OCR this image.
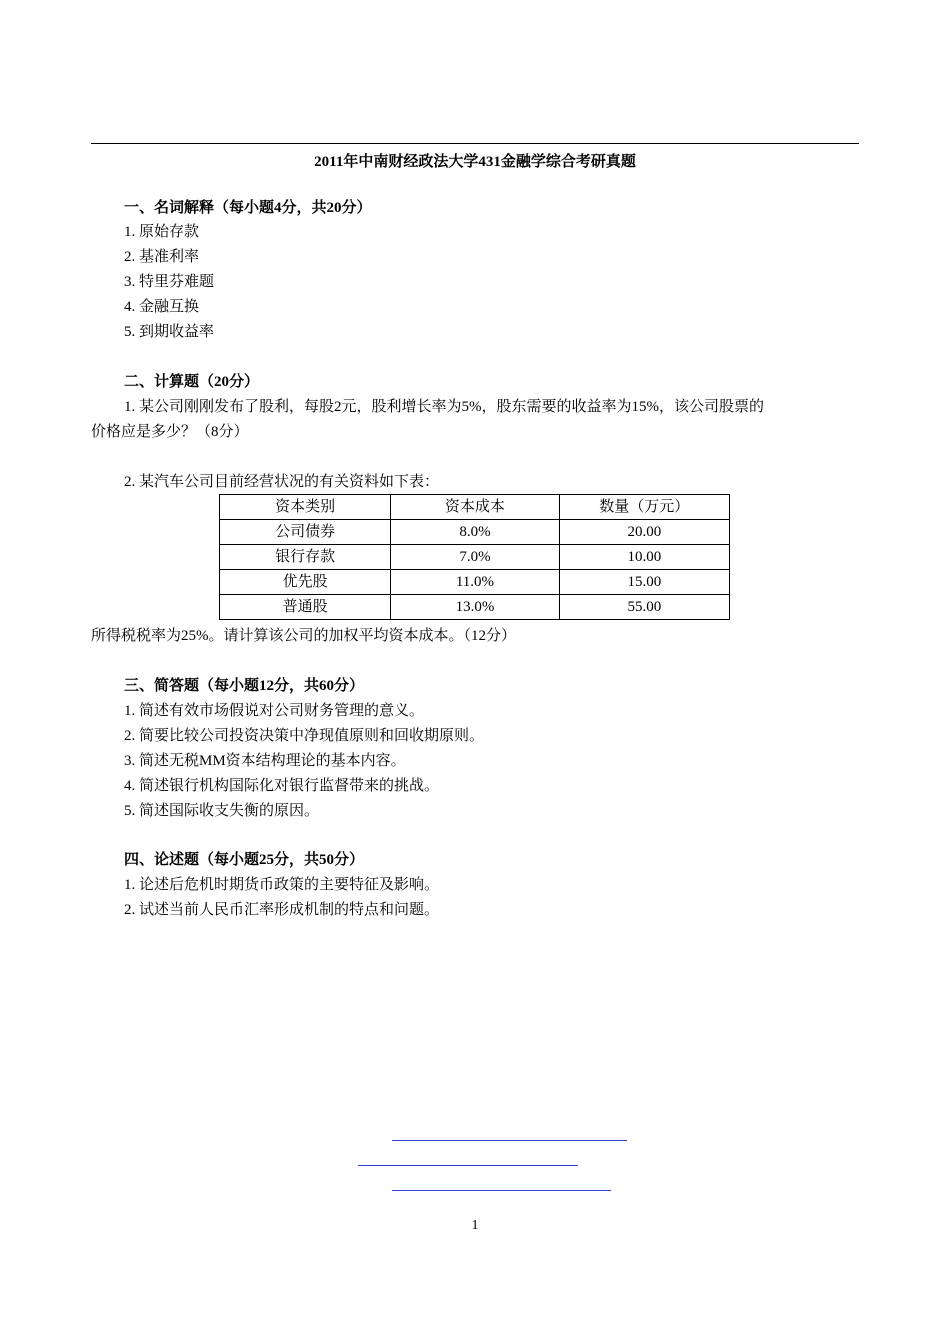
2011年中南财经政法大学431金融学综合考研真题
一、名词解释（每小题4分，共20分）
1. 原始存款
2. 基准利率
3. 特里芬难题
4. 金融互换
5. 到期收益率
二、计算题（20分）
1. 某公司刚刚发布了股利，每股2元，股利增长率为5%，股东需要的收益率为15%，该公司股票的
价格应是多少？（8分）
2. 某汽车公司目前经营状况的有关资料如下表：
资本类别	资本成本	数量（万元）
公司债券	8.0%	20.00
银行存款	7.0%	10.00
优先股	11.0%	15.00
普通股	13.0%	55.00
所得税税率为25%。请计算该公司的加权平均资本成本。（12分）
三、简答题（每小题12分，共60分）
1. 简述有效市场假说对公司财务管理的意义。
2. 简要比较公司投资决策中净现值原则和回收期原则。
3. 简述无税MM资本结构理论的基本内容。
4. 简述银行机构国际化对银行监督带来的挑战。
5. 简述国际收支失衡的原因。
四、论述题（每小题25分，共50分）
1. 论述后危机时期货币政策的主要特征及影响。
2. 试述当前人民币汇率形成机制的特点和问题。
1
